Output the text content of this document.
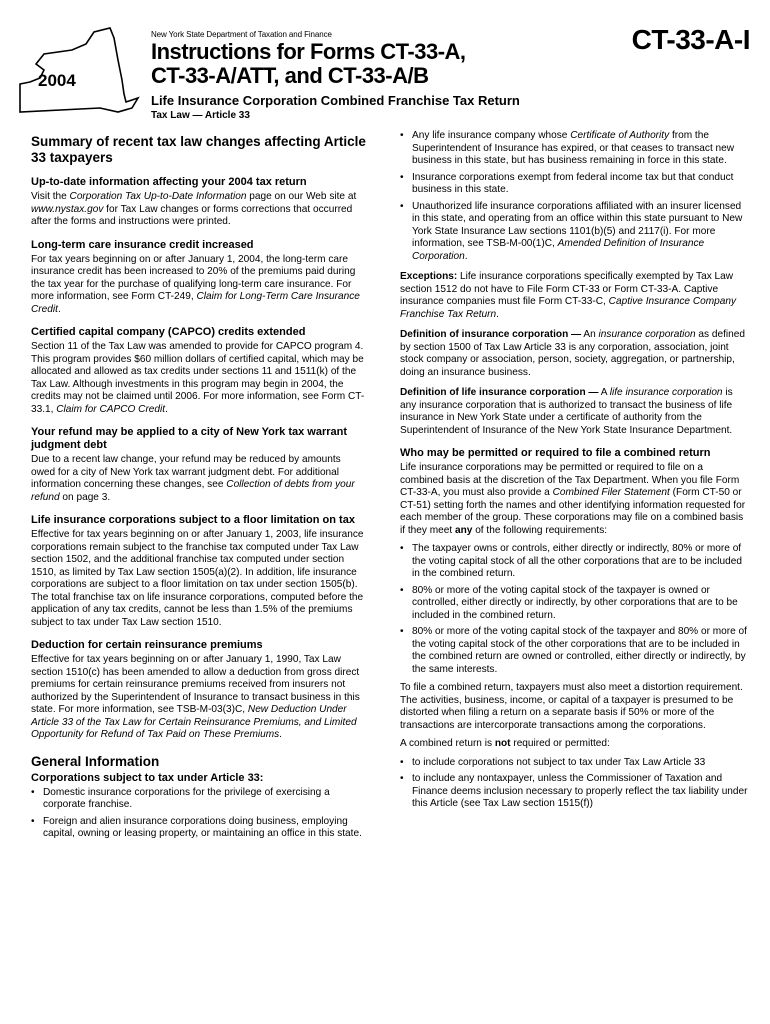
2004
New York State Department of Taxation and Finance
Instructions for Forms CT-33-A,
CT-33-A/ATT, and CT-33-A/B
CT-33-A-I
Life Insurance Corporation Combined Franchise Tax Return
Tax Law — Article 33
Summary of recent tax law changes affecting Article 33 taxpayers
Up-to-date information affecting your 2004 tax return

Visit the Corporation Tax Up-to-Date Information page on our Web site at www.nystax.gov for Tax Law changes or forms corrections that occurred after the forms and instructions were printed.

Long-term care insurance credit increased

For tax years beginning on or after January 1, 2004, the long-term care insurance credit has been increased to 20% of the premiums paid during the tax year for the purchase of qualifying long-term care insurance. For more information, see Form CT-249, Claim for Long-Term Care Insurance Credit.

Certified capital company (CAPCO) credits extended

Section 11 of the Tax Law was amended to provide for CAPCO program 4. This program provides $60 million dollars of certified capital, which may be allocated and allowed as tax credits under sections 11 and 1511(k) of the Tax Law. Although investments in this program may begin in 2004, the credits may not be claimed until 2006. For more information, see Form CT-33.1, Claim for CAPCO Credit.

Your refund may be applied to a city of New York tax warrant judgment debt

Due to a recent law change, your refund may be reduced by amounts owed for a city of New York tax warrant judgment debt. For additional information concerning these changes, see Collection of debts from your refund on page 3.

Life insurance corporations subject to a floor limitation on tax

Effective for tax years beginning on or after January 1, 2003, life insurance corporations remain subject to the franchise tax computed under Tax Law section 1502, and the additional franchise tax computed under section 1510, as limited by Tax Law section 1505(a)(2). In addition, life insurance corporations are subject to a floor limitation on tax under section 1505(b). The total franchise tax on life insurance corporations, computed before the application of any tax credits, cannot be less than 1.5% of the premiums subject to tax under Tax Law section 1510.

Deduction for certain reinsurance premiums

Effective for tax years beginning on or after January 1, 1990, Tax Law section 1510(c) has been amended to allow a deduction from gross direct premiums for certain reinsurance premiums received from insurers not authorized by the Superintendent of Insurance to transact business in this state. For more information, see TSB-M-03(3)C, New Deduction Under Article 33 of the Tax Law for Certain Reinsurance Premiums, and Limited Opportunity for Refund of Tax Paid on These Premiums.

General Information
Corporations subject to tax under Article 33:
• Domestic insurance corporations for the privilege of exercising a corporate franchise.
• Foreign and alien insurance corporations doing business, employing capital, owning or leasing property, or maintaining an office in this state.
• Any life insurance company whose Certificate of Authority from the Superintendent of Insurance has expired, or that ceases to transact new business in this state, but has business remaining in force in this state.
• Insurance corporations exempt from federal income tax but that conduct business in this state.
• Unauthorized life insurance corporations affiliated with an insurer licensed in this state, and operating from an office within this state pursuant to New York State Insurance Law sections 1101(b)(5) and 2117(i). For more information, see TSB-M-00(1)C, Amended Definition of Insurance Corporation.

Exceptions: Life insurance corporations specifically exempted by Tax Law section 1512 do not have to File Form CT-33 or Form CT-33-A. Captive insurance companies must file Form CT-33-C, Captive Insurance Company Franchise Tax Return.

Definition of insurance corporation — An insurance corporation as defined by section 1500 of Tax Law Article 33 is any corporation, association, joint stock company or association, person, society, aggregation, or partnership, doing an insurance business.

Definition of life insurance corporation — A life insurance corporation is any insurance corporation that is authorized to transact the business of life insurance in New York State under a certificate of authority from the Superintendent of Insurance of the New York State Insurance Department.

Who may be permitted or required to file a combined return

Life insurance corporations may be permitted or required to file on a combined basis at the discretion of the Tax Department. When you file Form CT-33-A, you must also provide a Combined Filer Statement (Form CT-50 or CT-51) setting forth the names and other identifying information requested for each member of the group. These corporations may file on a combined basis if they meet any of the following requirements:

• The taxpayer owns or controls, either directly or indirectly, 80% or more of the voting capital stock of all the other corporations that are to be included in the combined return.
• 80% or more of the voting capital stock of the taxpayer is owned or controlled, either directly or indirectly, by other corporations that are to be included in the combined return.
• 80% or more of the voting capital stock of the taxpayer and 80% or more of the voting capital stock of the other corporations that are to be included in the combined return are owned or controlled, either directly or indirectly, by the same interests.

To file a combined return, taxpayers must also meet a distortion requirement. The activities, business, income, or capital of a taxpayer is presumed to be distorted when filing a return on a separate basis if 50% or more of the transactions are intercorporate transactions among the corporations.

A combined return is not required or permitted:

• to include corporations not subject to tax under Tax Law Article 33
• to include any nontaxpayer, unless the Commissioner of Taxation and Finance deems inclusion necessary to properly reflect the tax liability under this Article (see Tax Law section 1515(f))
